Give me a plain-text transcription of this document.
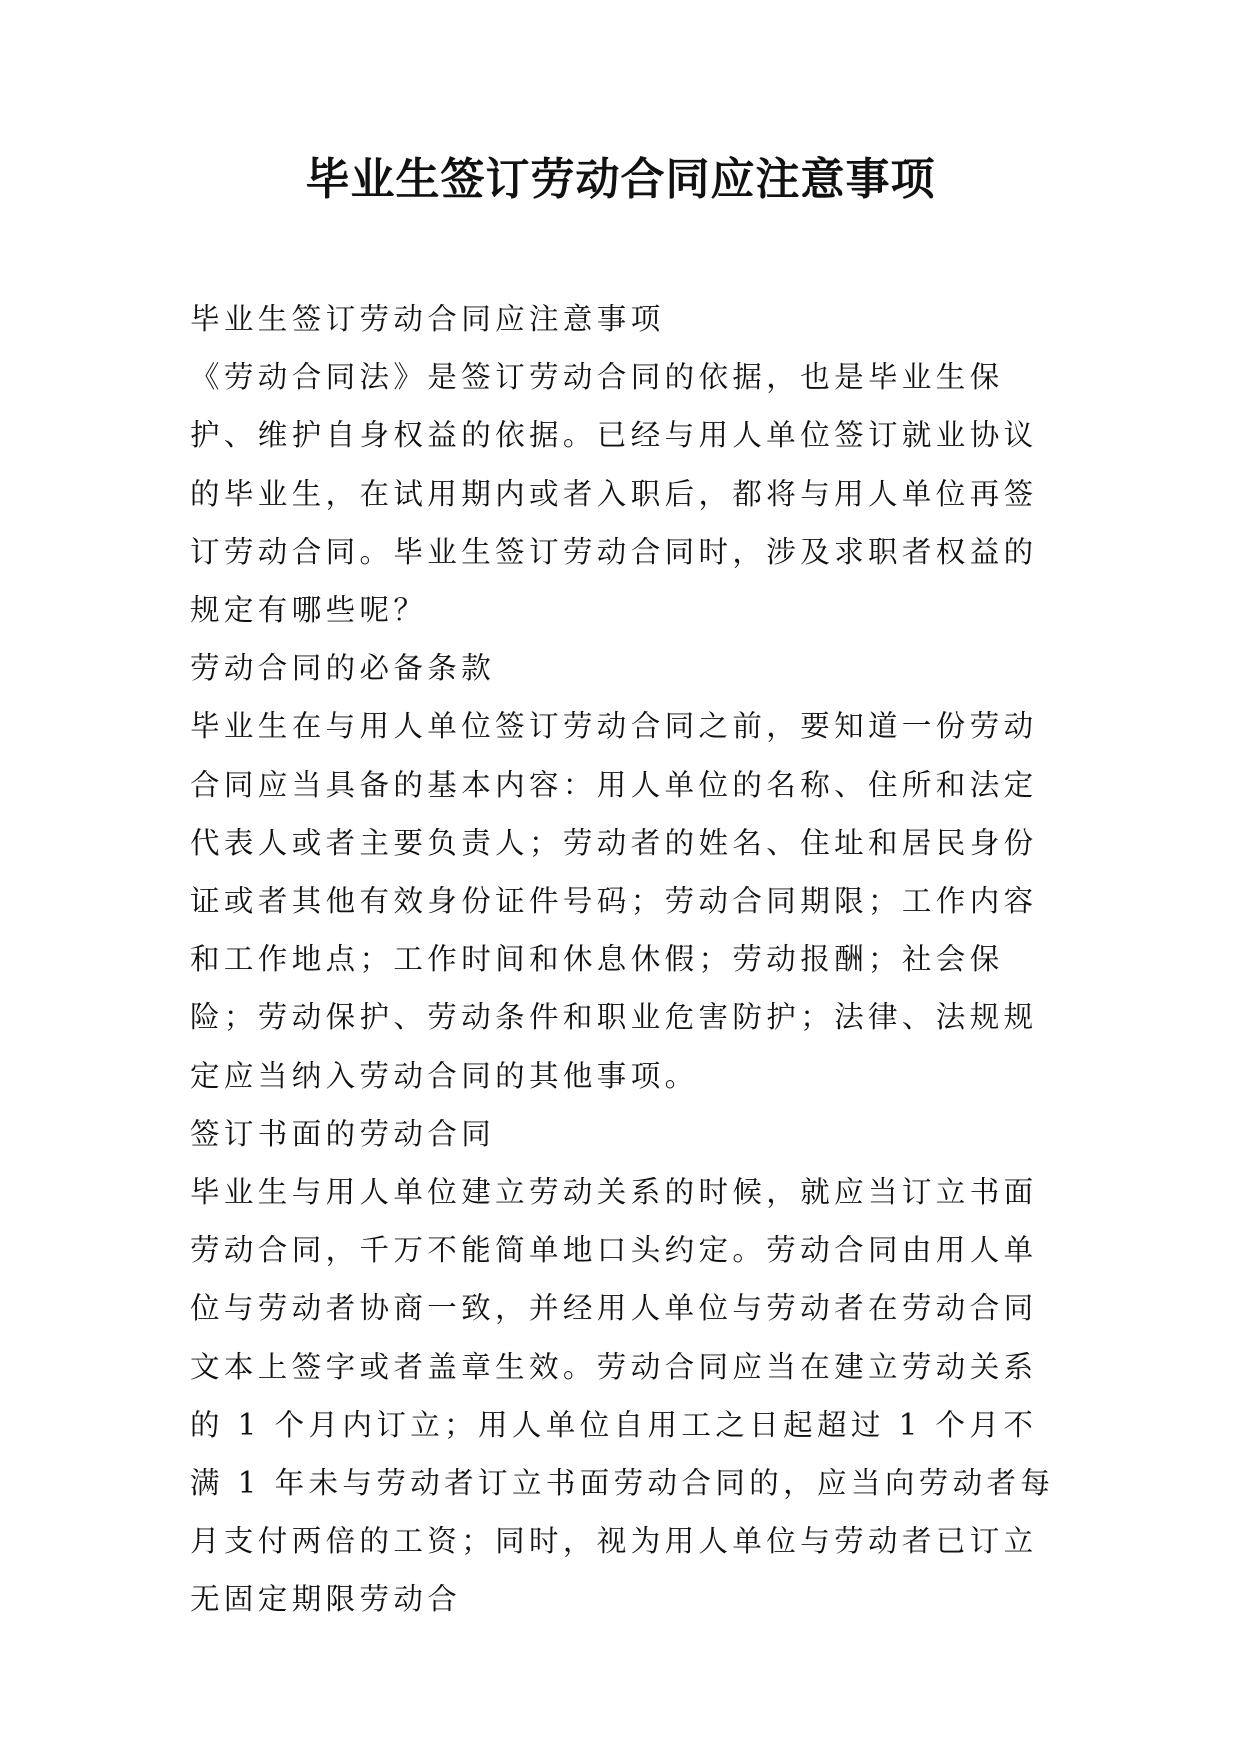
毕业生签订劳动合同应注意事项

毕业生签订劳动合同应注意事项

《劳动合同法》是签订劳动合同的依据，也是毕业生保护、维护自身权益的依据。已经与用人单位签订就业协议的毕业生，在试用期内或者入职后，都将与用人单位再签订劳动合同。毕业生签订劳动合同时，涉及求职者权益的规定有哪些呢？

劳动合同的必备条款

毕业生在与用人单位签订劳动合同之前，要知道一份劳动合同应当具备的基本内容：用人单位的名称、住所和法定代表人或者主要负责人；劳动者的姓名、住址和居民身份证或者其他有效身份证件号码；劳动合同期限；工作内容和工作地点；工作时间和休息休假；劳动报酬；社会保险；劳动保护、劳动条件和职业危害防护；法律、法规规定应当纳入劳动合同的其他事项。

签订书面的劳动合同

毕业生与用人单位建立劳动关系的时候，就应当订立书面劳动合同，千万不能简单地口头约定。劳动合同由用人单位与劳动者协商一致，并经用人单位与劳动者在劳动合同文本上签字或者盖章生效。劳动合同应当在建立劳动关系的 1 个月内订立；用人单位自用工之日起超过 1 个月不满 1 年未与劳动者订立书面劳动合同的，应当向劳动者每月支付两倍的工资；同时，视为用人单位与劳动者已订立无固定期限劳动合
